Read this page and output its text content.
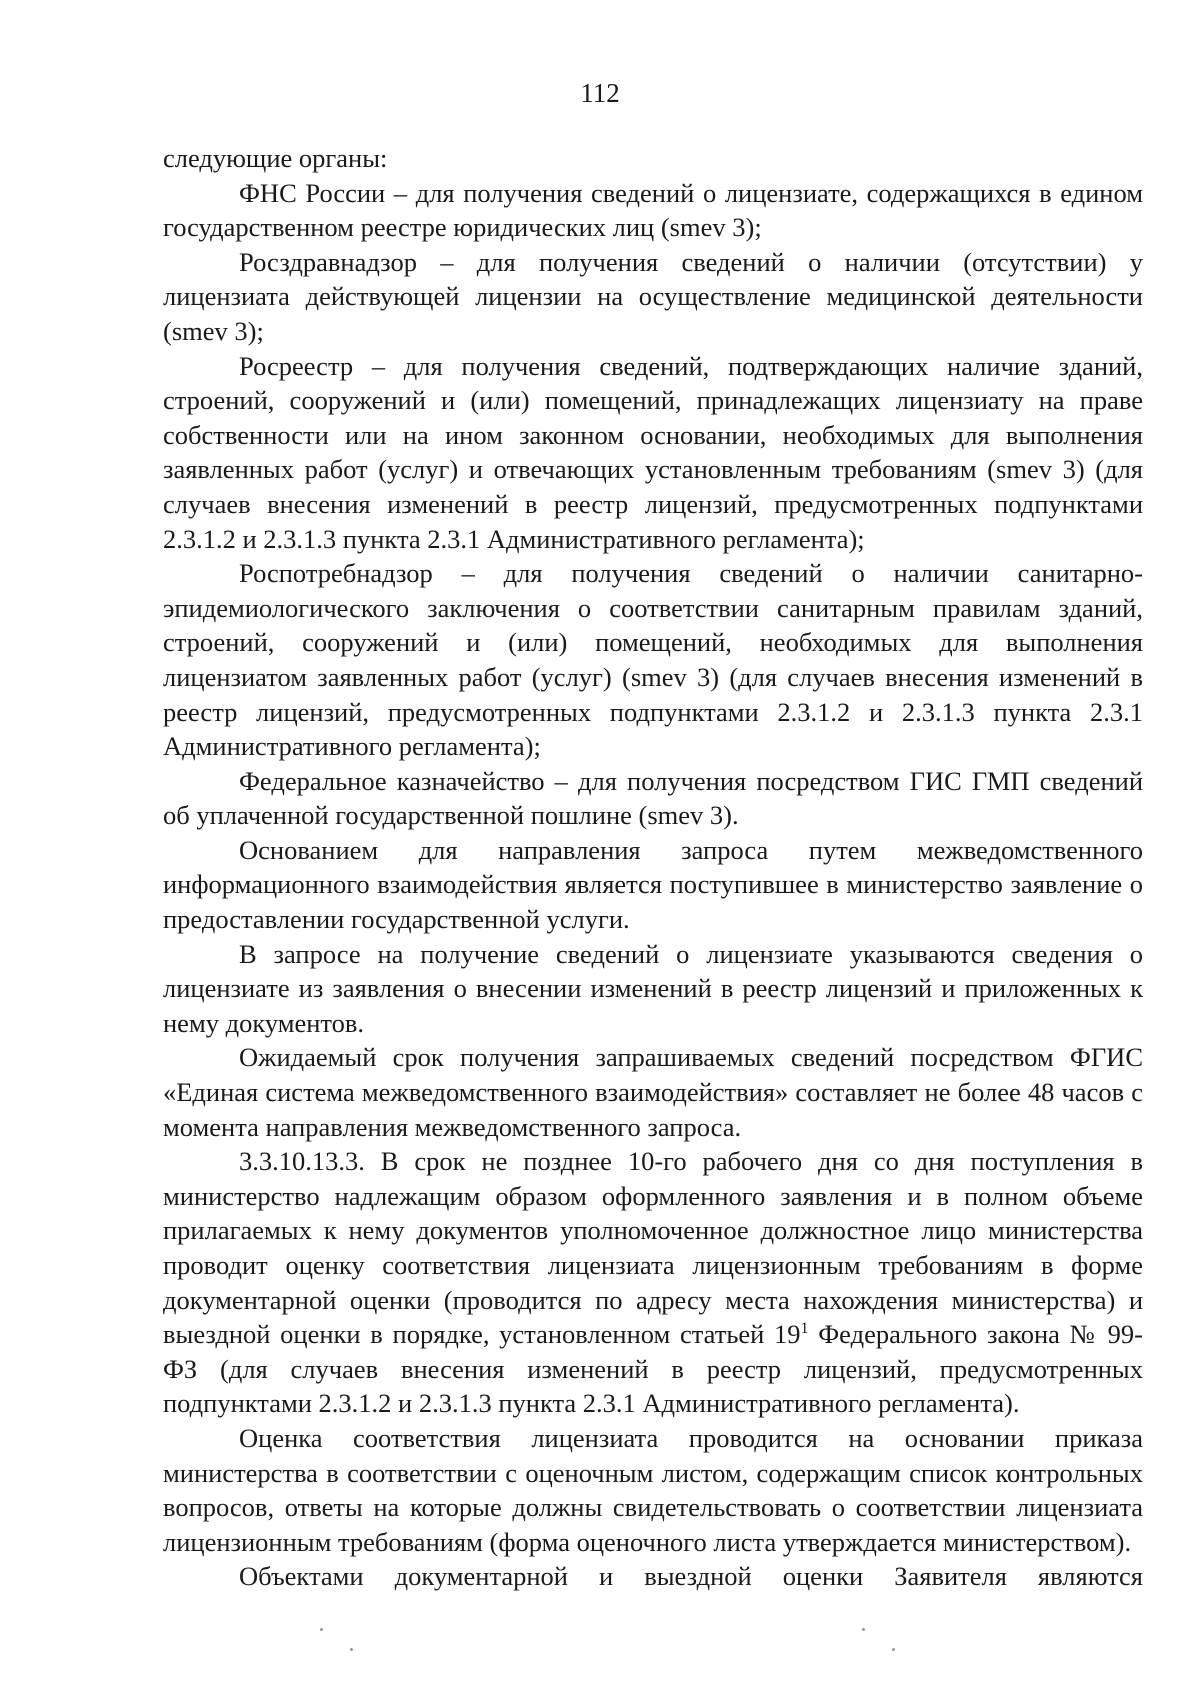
112

следующие органы:

ФНС России – для получения сведений о лицензиате, содержащихся в едином государственном реестре юридических лиц (smev 3);

Росздравнадзор – для получения сведений о наличии (отсутствии) у лицензиата действующей лицензии на осуществление медицинской деятельности (smev 3);

Росреестр – для получения сведений, подтверждающих наличие зданий, строений, сооружений и (или) помещений, принадлежащих лицензиату на праве собственности или на ином законном основании, необходимых для выполнения заявленных работ (услуг) и отвечающих установленным требованиям (smev 3) (для случаев внесения изменений в реестр лицензий, предусмотренных подпунктами 2.3.1.2 и 2.3.1.3 пункта 2.3.1 Административного регламента);

Роспотребнадзор – для получения сведений о наличии санитарно-эпидемиологического заключения о соответствии санитарным правилам зданий, строений, сооружений и (или) помещений, необходимых для выполнения лицензиатом заявленных работ (услуг) (smev 3) (для случаев внесения изменений в реестр лицензий, предусмотренных подпунктами 2.3.1.2 и 2.3.1.3 пункта 2.3.1 Административного регламента);

Федеральное казначейство – для получения посредством ГИС ГМП сведений об уплаченной государственной пошлине (smev 3).

Основанием для направления запроса путем межведомственного информационного взаимодействия является поступившее в министерство заявление о предоставлении государственной услуги.

В запросе на получение сведений о лицензиате указываются сведения о лицензиате из заявления о внесении изменений в реестр лицензий и приложенных к нему документов.

Ожидаемый срок получения запрашиваемых сведений посредством ФГИС «Единая система межведомственного взаимодействия» составляет не более 48 часов с момента направления межведомственного запроса.

3.3.10.13.3. В срок не позднее 10-го рабочего дня со дня поступления в министерство надлежащим образом оформленного заявления и в полном объеме прилагаемых к нему документов уполномоченное должностное лицо министерства проводит оценку соответствия лицензиата лицензионным требованиям в форме документарной оценки (проводится по адресу места нахождения министерства) и выездной оценки в порядке, установленном статьей $19^1$ Федерального закона № 99-ФЗ (для случаев внесения изменений в реестр лицензий, предусмотренных подпунктами 2.3.1.2 и 2.3.1.3 пункта 2.3.1 Административного регламента).

Оценка соответствия лицензиата проводится на основании приказа министерства в соответствии с оценочным листом, содержащим список контрольных вопросов, ответы на которые должны свидетельствовать о соответствии лицензиата лицензионным требованиям (форма оценочного листа утверждается министерством).

Объектами документарной и выездной оценки Заявителя являются
